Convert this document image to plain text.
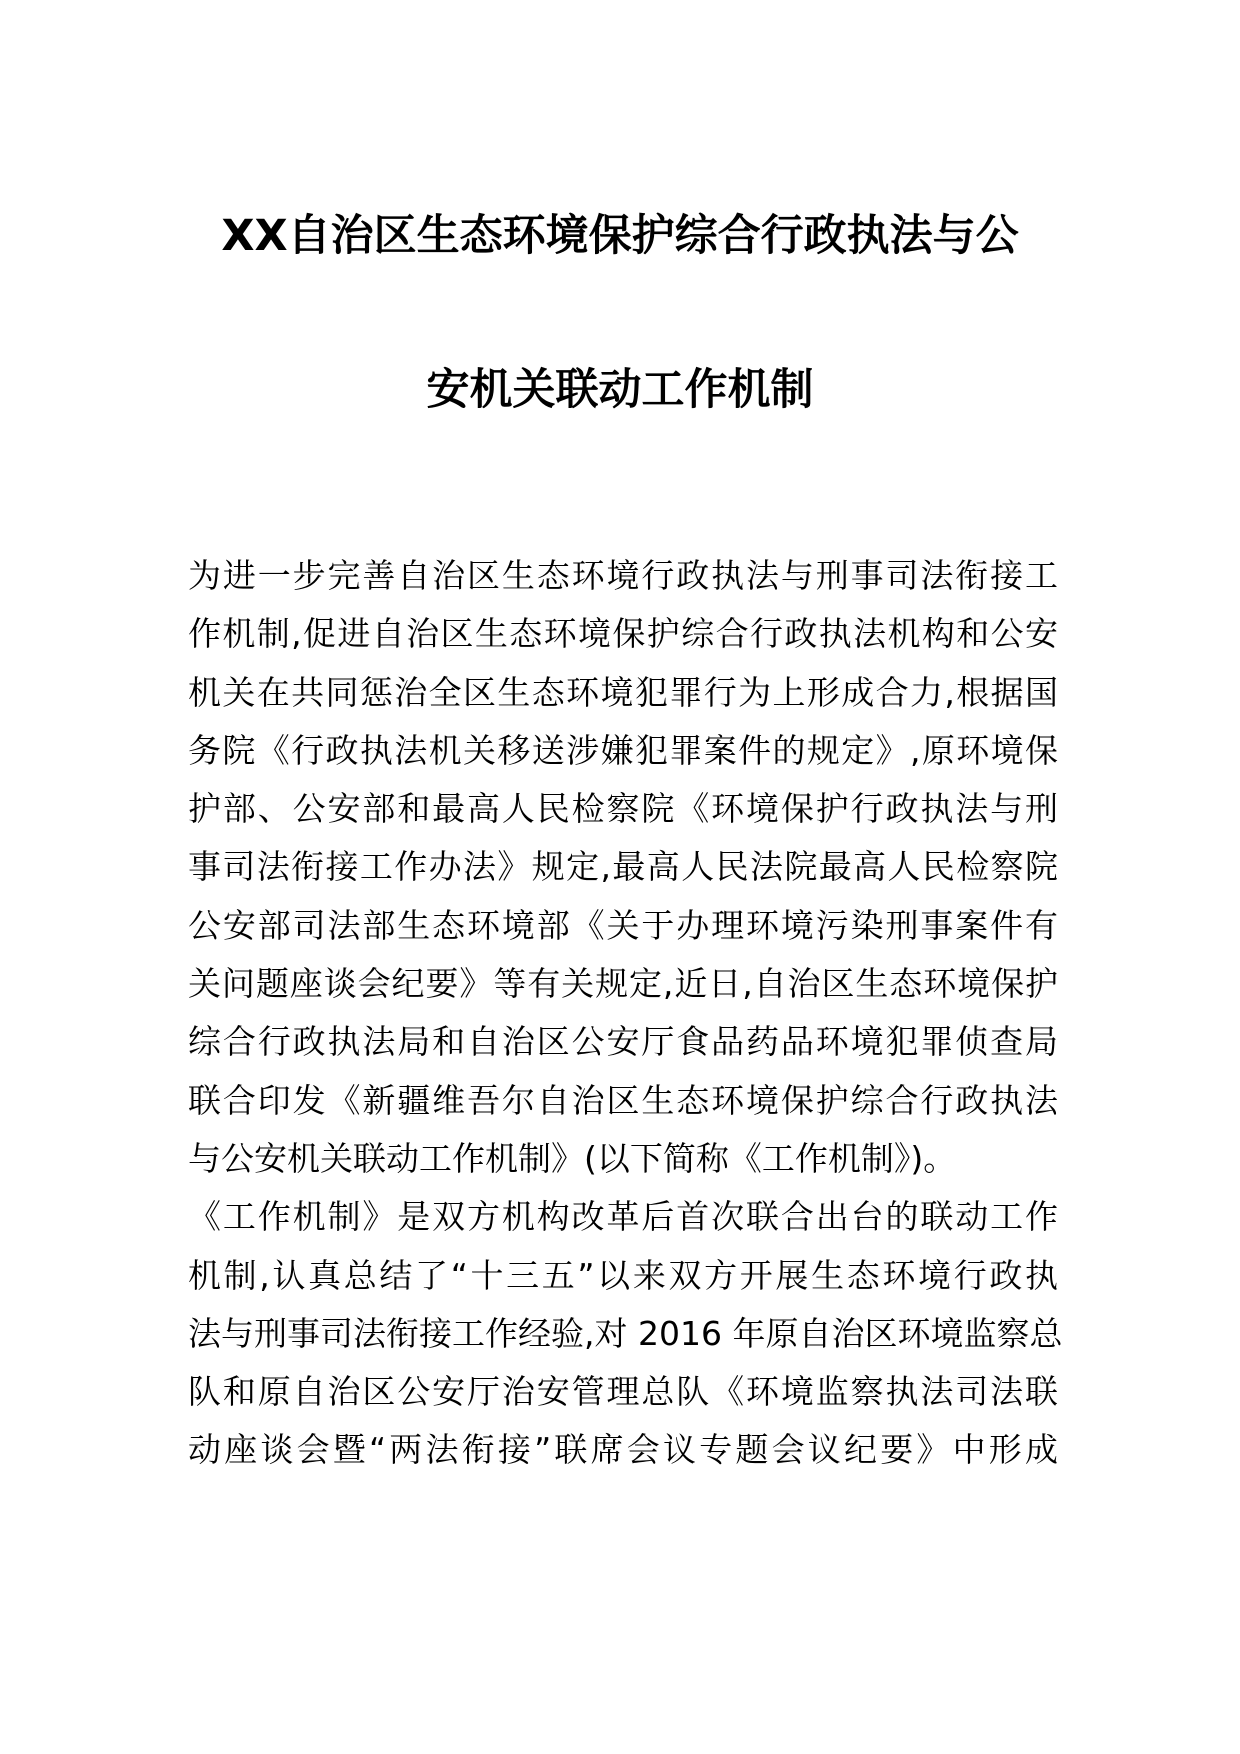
XX自治区生态环境保护综合行政执法与公
安机关联动工作机制
为进一步完善自治区生态环境行政执法与刑事司法衔接工
作机制,促进自治区生态环境保护综合行政执法机构和公安
机关在共同惩治全区生态环境犯罪行为上形成合力,根据国
务院《行政执法机关移送涉嫌犯罪案件的规定》,原环境保
护部、公安部和最高人民检察院《环境保护行政执法与刑
事司法衔接工作办法》规定,最高人民法院最高人民检察院
公安部司法部生态环境部《关于办理环境污染刑事案件有
关问题座谈会纪要》等有关规定,近日,自治区生态环境保护
综合行政执法局和自治区公安厅食品药品环境犯罪侦查局
联合印发《新疆维吾尔自治区生态环境保护综合行政执法
与公安机关联动工作机制》(以下简称《工作机制》)。
《工作机制》是双方机构改革后首次联合出台的联动工作
机制,认真总结了“十三五”以来双方开展生态环境行政执
法与刑事司法衔接工作经验,对 2016 年原自治区环境监察总
队和原自治区公安厅治安管理总队《环境监察执法司法联
动座谈会暨“两法衔接”联席会议专题会议纪要》中形成
